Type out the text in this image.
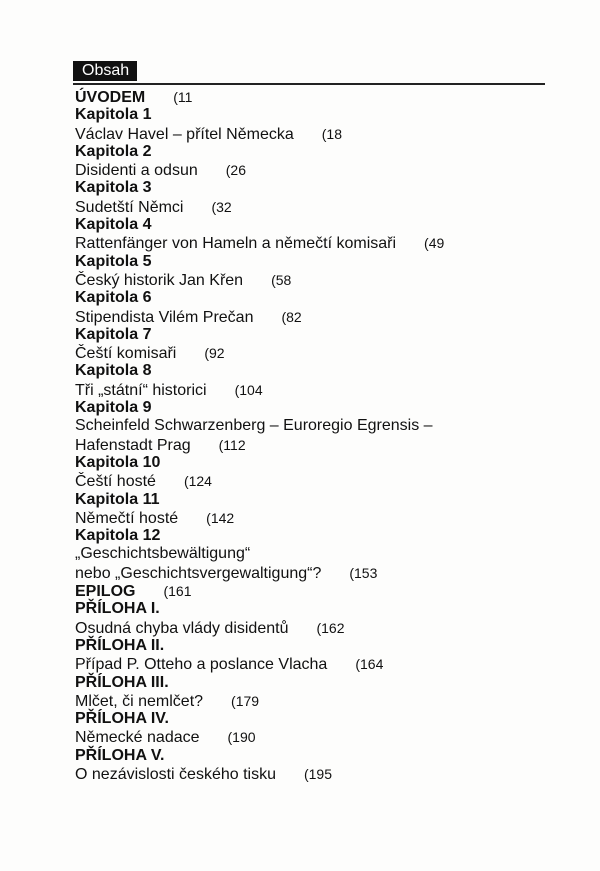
Obsah
ÚVODEM (11
Kapitola 1
Václav Havel – přítel Německa (18
Kapitola 2
Disidenti a odsun (26
Kapitola 3
Sudetští Němci (32
Kapitola 4
Rattenfänger von Hameln a němečtí komisaři (49
Kapitola 5
Český historik Jan Křen (58
Kapitola 6
Stipendista Vilém Prečan (82
Kapitola 7
Čeští komisaři (92
Kapitola 8
Tři „státní“ historici (104
Kapitola 9
Scheinfeld Schwarzenberg – Euroregio Egrensis –
Hafenstadt Prag (112
Kapitola 10
Čeští hosté (124
Kapitola 11
Němečtí hosté (142
Kapitola 12
„Geschichtsbewältigung“
nebo „Geschichtsvergewaltigung“? (153
EPILOG (161
PŘÍLOHA I.
Osudná chyba vlády disidentů (162
PŘÍLOHA II.
Případ P. Otteho a poslance Vlacha (164
PŘÍLOHA III.
Mlčet, či nemlčet? (179
PŘÍLOHA IV.
Německé nadace (190
PŘÍLOHA V.
O nezávislosti českého tisku (195
